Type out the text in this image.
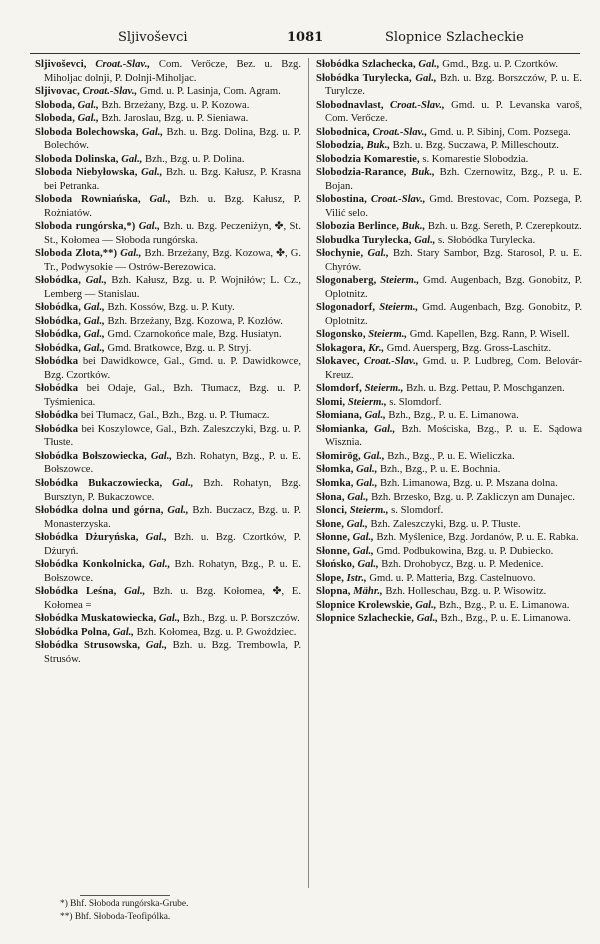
Sljivoševci	1081	Slopnice Szlacheckie
Sljivoševci, Croat.-Slav., Com. Verőcze, Bez. u. Bzg. Miholjac dolnji, P. Dolnji-Miholjac.
Sljivovac, Croat.-Slav., Gmd. u. P. Lasinja, Com. Agram.
Sloboda, Gal., Bzh. Brzeżany, Bzg. u. P. Kozowa.
Sloboda, Gal., Bzh. Jaroslau, Bzg. u. P. Sieniawa.
Sloboda Bolechowska, Gal., Bzh. u. Bzg. Dolina, Bzg. u. P. Bolechów.
Sloboda Dolinska, Gal., Bzh., Bzg. u. P. Dolina.
Sloboda Niebyłowska, Gal., Bzh. u. Bzg. Kałusz, P. Krasna bei Petranka.
Sloboda Rowniańska, Gal., Bzh. u. Bzg. Kałusz, P. Rożniatów.
Sloboda rungórska,*) Gal., Bzh. u. Bzg. Peczeniżyn, ✤, St. St., Kołomea — Słoboda rungórska.
Sloboda Złota,**) Gal., Bzh. Brzeżany, Bzg. Kozowa, ✤, G. Tr., Podwysokie — Ostrów-Berezowica.
Słobódka, Gal., Bzh. Kałusz, Bzg. u. P. Wojniłów; L. Cz., Lemberg — Stanislau.
Słobódka, Gal., Bzh. Kossów, Bzg. u. P. Kuty.
Słobódka, Gal., Bzh. Brzeżany, Bzg. Kozowa, P. Kozłów.
Słobódka, Gal., Gmd. Czarnokońce male, Bzg. Husiatyn.
Słobódka, Gal., Gmd. Bratkowce, Bzg. u. P. Stryj.
Słobódka bei Dawidkowce, Gal., Gmd. u. P. Dawidkowce, Bzg. Czortków.
Słobódka bei Odaje, Gal., Bzh. Tłumacz, Bzg. u. P. Tyśmienica.
Słobódka bei Tłumacz, Gal., Bzh., Bzg. u. P. Tłumacz.
Słobódka bei Koszylowce, Gal., Bzh. Zaleszczyki, Bzg. u. P. Tłuste.
Słobódka Bołszowiecka, Gal., Bzh. Rohatyn, Bzg., P. u. E. Bołszowce.
Słobódka Bukaczowiecka, Gal., Bzh. Rohatyn, Bzg. Bursztyn, P. Bukaczowce.
Słobódka dolna und górna, Gal., Bzh. Buczacz, Bzg. u. P. Monasterzyska.
Słobódka Dżuryńska, Gal., Bzh. u. Bzg. Czortków, P. Dżuryń.
Słobódka Konkolnicka, Gal., Bzh. Rohatyn, Bzg., P. u. E. Bołszowce.
Słobódka Leśna, Gal., Bzh. u. Bzg. Kołomea, ✤, E. Kołomea =
Słobódka Muskatowiecka, Gal., Bzh., Bzg. u. P. Borszczów.
Słobódka Polna, Gal., Bzh. Kołomea, Bzg. u. P. Gwoździec.
Słobódka Strusowska, Gal., Bzh. u. Bzg. Trembowla, P. Strusów.
Słobódka Szlachecka, Gal., Gmd., Bzg. u. P. Czortków.
Słobódka Turylecka, Gal., Bzh. u. Bzg. Borszczów, P. u. E. Turylcze.
Slobodnavlast, Croat.-Slav., Gmd. u. P. Levanska varoš, Com. Verőcze.
Slobodnica, Croat.-Slav., Gmd. u. P. Sibinj, Com. Pozsega.
Slobodzia, Buk., Bzh. u. Bzg. Suczawa, P. Milleschoutz.
Slobodzia Komarestie, s. Komarestie Slobodzia.
Slobodzia-Rarance, Buk., Bzh. Czernowitz, Bzg., P. u. E. Bojan.
Slobostina, Croat.-Slav., Gmd. Brestovac, Com. Pozsega, P. Vilić selo.
Slobozia Berlince, Buk., Bzh. u. Bzg. Sereth, P. Czerepkoutz.
Slobudka Turylecka, Gal., s. Słobódka Turylecka.
Słochynie, Gal., Bzh. Stary Sambor, Bzg. Starosol, P. u. E. Chyrów.
Slogonaberg, Steierm., Gmd. Augenbach, Bzg. Gonobitz, P. Oplotnitz.
Slogonadorf, Steierm., Gmd. Augenbach, Bzg. Gonobitz, P. Oplotnitz.
Slogonsko, Steierm., Gmd. Kapellen, Bzg. Rann, P. Wisell.
Slokagora, Kr., Gmd. Auersperg, Bzg. Gross-Laschitz.
Slokavec, Croat.-Slav., Gmd. u. P. Ludbreg, Com. Belovár-Kreuz.
Slomdorf, Steierm., Bzh. u. Bzg. Pettau, P. Moschganzen.
Slomi, Steierm., s. Slomdorf.
Słomiana, Gal., Bzh., Bzg., P. u. E. Limanowa.
Słomianka, Gal., Bzh. Mościska, Bzg., P. u. E. Sądowa Wisznia.
Słomirög, Gal., Bzh., Bzg., P. u. E. Wieliczka.
Słomka, Gal., Bzh., Bzg., P. u. E. Bochnia.
Słomka, Gal., Bzh. Limanowa, Bzg. u. P. Mszana dolna.
Słona, Gal., Bzh. Brzesko, Bzg. u. P. Zakliczyn am Dunajec.
Slonci, Steierm., s. Slomdorf.
Słone, Gal., Bzh. Zaleszczyki, Bzg. u. P. Tłuste.
Słonne, Gal., Bzh. Myślenice, Bzg. Jordanów, P. u. E. Rabka.
Słonne, Gal., Gmd. Podbukowina, Bzg. u. P. Dubiecko.
Słońsko, Gal., Bzh. Drohobycz, Bzg. u. P. Medenice.
Slope, Istr., Gmd. u. P. Matteria, Bzg. Castelnuovo.
Slopna, Mähr., Bzh. Holleschau, Bzg. u. P. Wisowitz.
Slopnice Krolewskie, Gal., Bzh., Bzg., P. u. E. Limanowa.
Slopnice Szlacheckie, Gal., Bzh., Bzg., P. u. E. Limanowa.
*) Bhf. Słoboda rungórska-Grube.
**) Bhf. Słoboda-Teofipólka.
